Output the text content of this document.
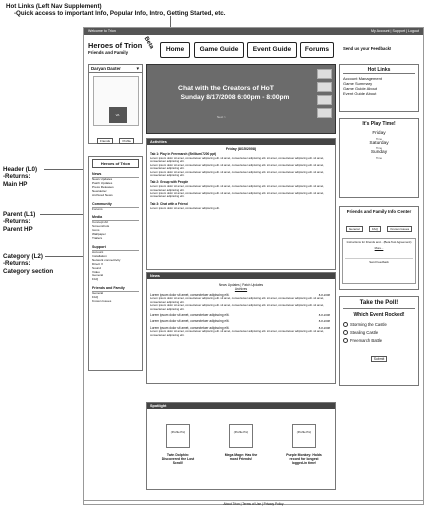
Hot Links (Left Nav Supplement)
-Quick access to important Info, Popular Info, Intro, Getting Started, etc.
Header (L0)
-Returns:
Main HP
Parent (L1)
-Returns:
Parent HP
Category (L2)
-Returns:
Category section
Welcome to Trion	My Account | Support | Logout
Heroes of Trion
Friends and Family
Beta	Home	Game Guide	Event Guide	Forums	Send us your Feedback!
Daryan Daxter	▼
VA
Friends	Profile
Heroes of Trion
News
News Updates
Patch Updates
Press Releases
Newsletter
Archived News
Community
Forums
Media
Concept Art
Screenshots
Icons
Wallpaper
Trailers
Support
Account
Installation
Network connectivity
Direct X
Sound
Video
General
FAQ
Friends and Family
General
FAQ
Known Issues
Chat with the Creators of HoT
Sunday 8/17/2008 6:00pm - 8:00pm
Next >
Activities
Friday (8/15/2008)
Tab 1: Play in Freemarch (Brillium/7200 ppt)
Lorem ipsum dolor sit amet, consectetuer adipiscing elit. sit amet, consectetuer adipiscing elit. sit amet, consectetuer adipiscing elit. sit amet, consectetuer adipiscing elit.
Lorem ipsum dolor sit amet, consectetuer adipiscing elit. sit amet, consectetuer adipiscing elit. sit amet, consectetuer adipiscing elit. sit amet, consectetuer adipiscing elit.
Lorem ipsum dolor sit amet, consectetuer adipiscing elit. sit amet, consectetuer adipiscing elit. sit amet, consectetuer adipiscing elit. sit amet, consectetuer adipiscing elit.
Tab 2: Group with People
Lorem ipsum dolor sit amet, consectetuer adipiscing elit. sit amet, consectetuer adipiscing elit. sit amet, consectetuer adipiscing elit. sit amet, consectetuer adipiscing elit.
Lorem ipsum dolor sit amet, consectetuer adipiscing elit. sit amet, consectetuer adipiscing elit. sit amet, consectetuer adipiscing elit. sit amet, consectetuer adipiscing elit.
Tab 3: Chat with a Friend
Lorem ipsum dolor sit amet, consectetuer adipiscing elit.
News
News Updates | Patch Updates
Archives
Lorem ipsum dolor sit amet, consectetuer adipiscing elit.	8-8-2008
Lorem ipsum dolor sit amet, consectetuer adipiscing elit. sit amet, consectetuer adipiscing elit. sit amet, consectetuer adipiscing elit. sit amet, consectetuer adipiscing elit.
Lorem ipsum dolor sit amet, consectetuer adipiscing elit. sit amet, consectetuer adipiscing elit. sit amet, consectetuer adipiscing elit. sit amet, consectetuer adipiscing elit.
Lorem ipsum dolor sit amet, consectetuer adipiscing elit.	8-8-2008
Lorem ipsum dolor sit amet, consectetuer adipiscing elit.	8-8-2008
Lorem ipsum dolor sit amet, consectetuer adipiscing elit.	8-8-2008
Lorem ipsum dolor sit amet, consectetuer adipiscing elit. sit amet, consectetuer adipiscing elit. sit amet, consectetuer adipiscing elit. sit amet, consectetuer adipiscing elit.
Spotlight
(Profile Pic)
Twin Dolphin: Discovered the Lost Scroll!
(Profile Pic)
Mega Mage: Has the most Friends!
(Profile Pic)
Purple Monkey: Holds record for longest logged-in time!
Hot Links
Account Management
Game Summary
Game Guide About
Event Guide About
It's Play Time!
Friday
Time
Saturday
Time
Sunday
Time
Friends and Family Info Center
General	FAQ	Known Issues
Instructions for Friends and... (Beta Test Agreement)
More...
Send Feedback
Take the Poll!
Which Event Rocked!
Storming the Castle
Stealing Castle
Freemarch Battle
Submit
About Trion | Terms of Use | Privacy Policy
